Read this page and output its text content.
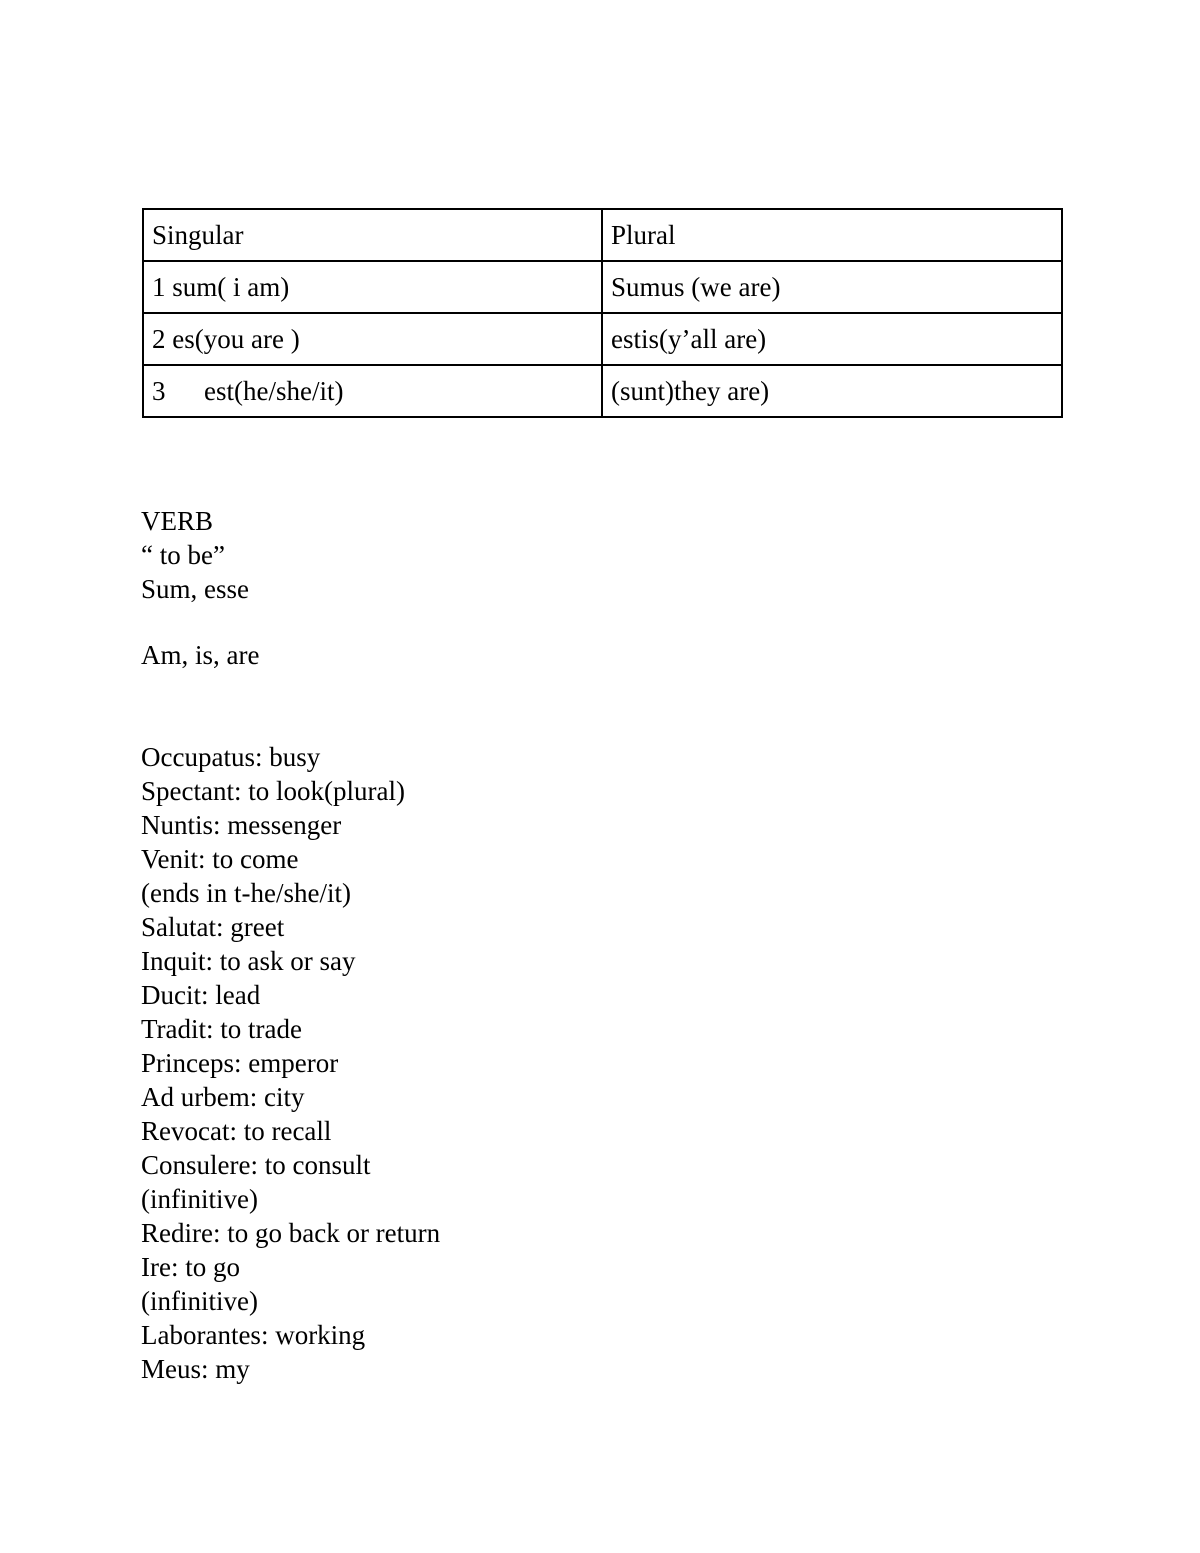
Singular	Plural
1 sum( i am)	Sumus (we are)
2 es(you are )	estis(y’all are)
3 est(he/she/it)	(sunt)they are)
VERB
“ to be”
Sum, esse
Am, is, are
Occupatus: busy
Spectant: to look(plural)
Nuntis: messenger
Venit: to come
(ends in t-he/she/it)
Salutat: greet
Inquit: to ask or say
Ducit: lead
Tradit: to trade
Princeps: emperor
Ad urbem: city
Revocat: to recall
Consulere: to consult
(infinitive)
Redire: to go back or return
Ire: to go
(infinitive)
Laborantes: working
Meus: my
